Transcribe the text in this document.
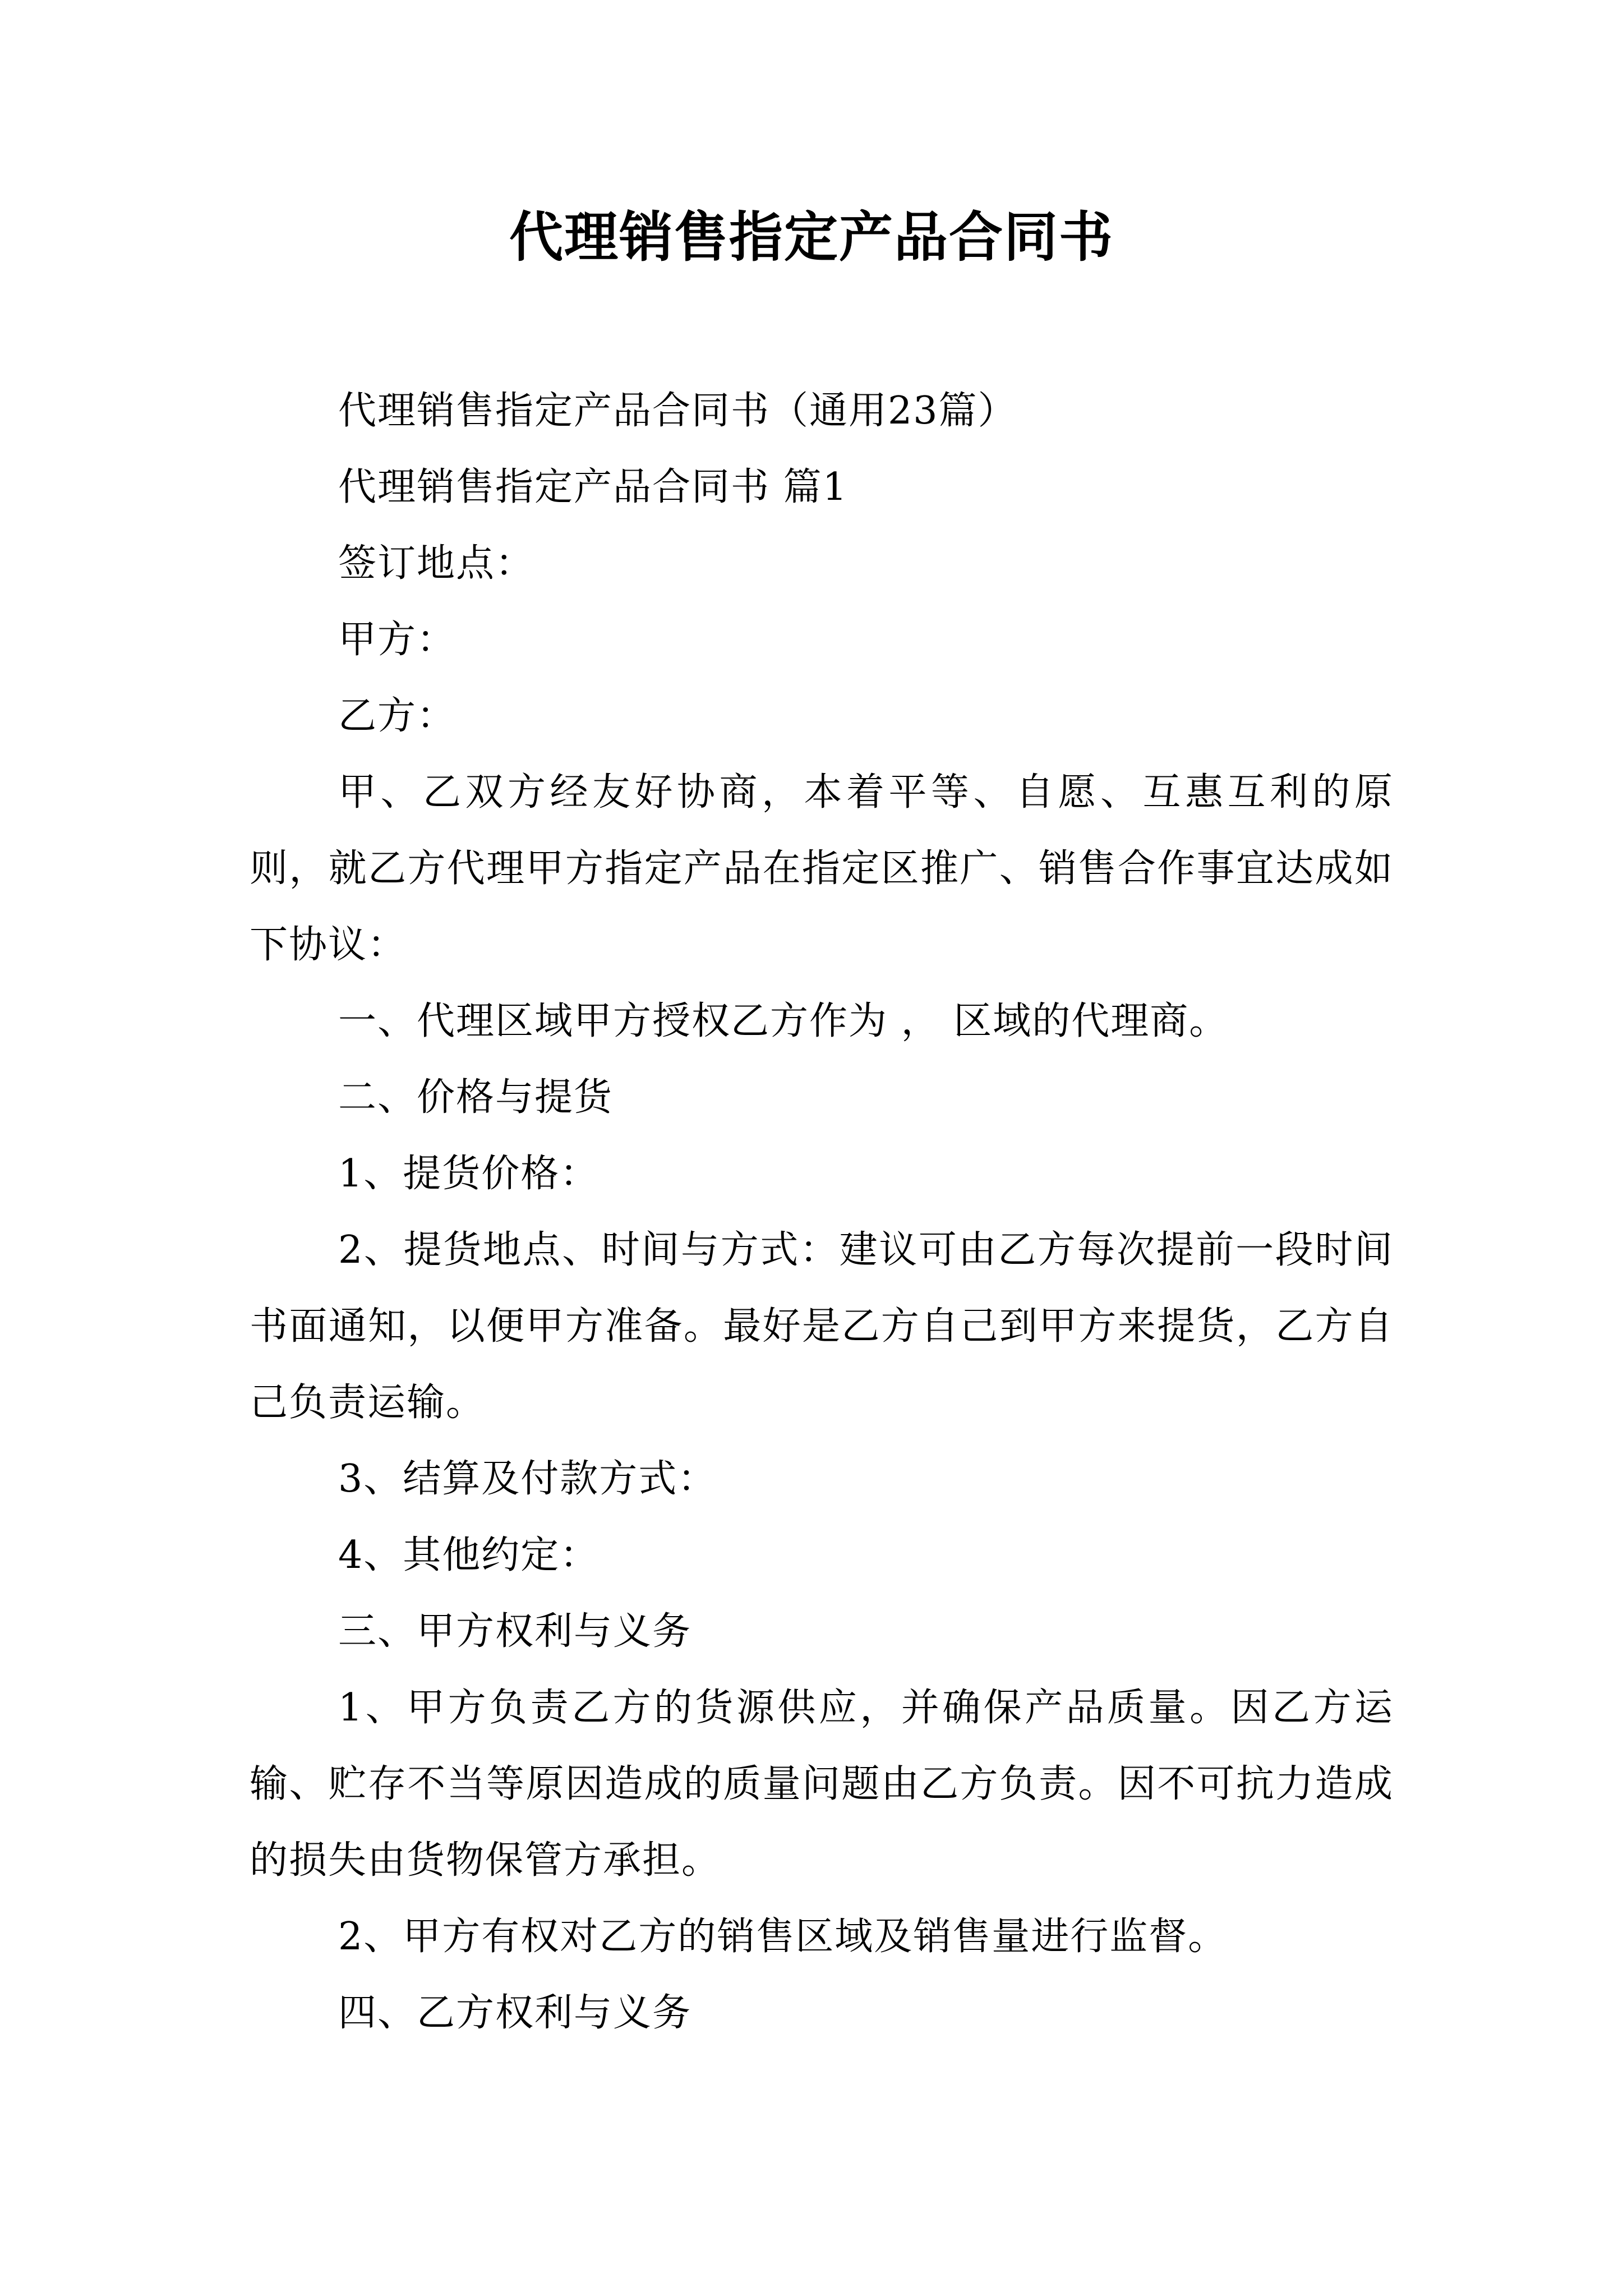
代理销售指定产品合同书

代理销售指定产品合同书（通用23篇）

代理销售指定产品合同书 篇1

签订地点：

甲方：

乙方：

甲、乙双方经友好协商，本着平等、自愿、互惠互利的原则，就乙方代理甲方指定产品在指定区推广、销售合作事宜达成如下协议：

一、代理区域甲方授权乙方作为 ， 区域的代理商。

二、价格与提货

1、提货价格：

2、提货地点、时间与方式：建议可由乙方每次提前一段时间书面通知，以便甲方准备。最好是乙方自己到甲方来提货，乙方自己负责运输。

3、结算及付款方式：

4、其他约定：

三、甲方权利与义务

1、甲方负责乙方的货源供应，并确保产品质量。因乙方运输、贮存不当等原因造成的质量问题由乙方负责。因不可抗力造成的损失由货物保管方承担。

2、甲方有权对乙方的销售区域及销售量进行监督。

四、乙方权利与义务
